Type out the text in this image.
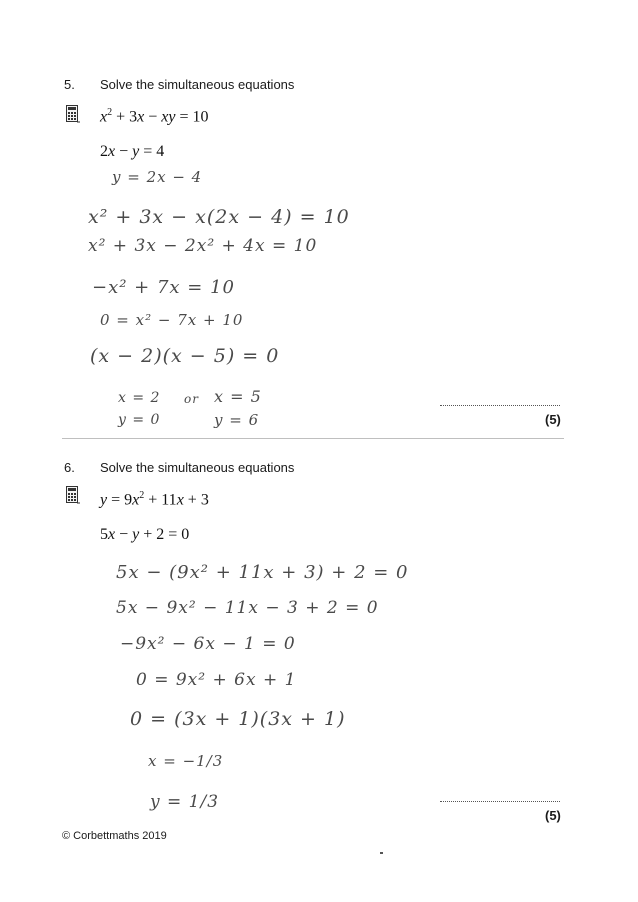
5. Solve the simultaneous equations
$x^2 + 3x$ − xy = 10
2x − y = 4
y = 2x − 4
x² + 3x − x(2x − 4) = 10
x² + 3x − 2x² + 4x = 10
−x² + 7x = 10
0 = x² − 7x + 10
(x − 2)(x − 5) = 0
x = 2 or x = 5
y = 0	y = 6	(5)
6. Solve the simultaneous equations
$y = 9x^2 + 11x + 3$
5x − y + 2 = 0
5x − (9x² + 11x + 3) + 2 = 0
5x − 9x² − 11x − 3 + 2 = 0
−9x² − 6x − 1 = 0
0 = 9x² + 6x + 1
0 = (3x + 1)(3x + 1)
x = −1/3
y = 1/3
(5)
© Corbettmaths 2019
